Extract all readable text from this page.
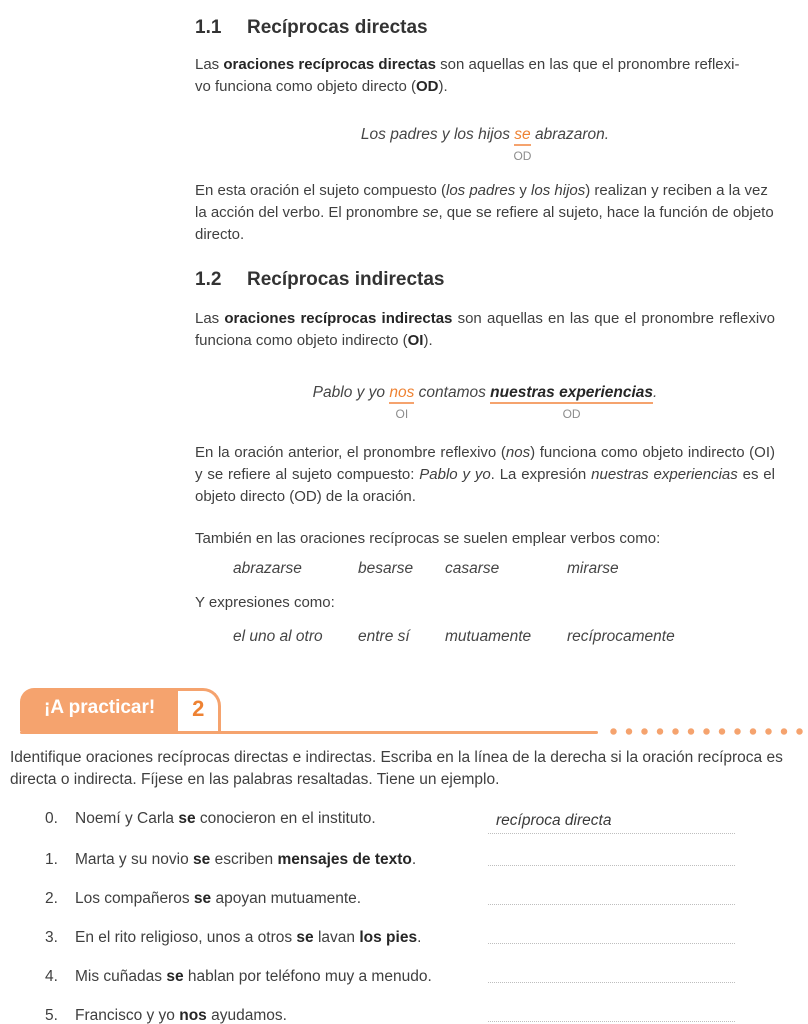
1.1 Recíprocas directas

Las oraciones recíprocas directas son aquellas en las que el pronombre reflexi-
vo funciona como objeto directo (OD).

Los padres y los hijos se
OD
abrazaron.

En esta oración el sujeto compuesto (los padres y los hijos) realizan y reciben a la vez la acción del verbo. El pronombre se, que se refiere al sujeto, hace la función de objeto directo.

1.2 Recíprocas indirectas

Las oraciones recíprocas indirectas son aquellas en las que el pronombre reflexivo funciona como objeto indirecto (OI).

Pablo y yo nos
OI
contamos nuestras experiencias
OD
.

En la oración anterior, el pronombre reflexivo (nos) funciona como objeto indirecto (OI) y se refiere al sujeto compuesto: Pablo y yo. La expresión nuestras experiencias es el objeto directo (OD) de la oración.

También en las oraciones recíprocas se suelen emplear verbos como:

abrazarse	besarse	casarse	mirarse

Y expresiones como:

el uno al otro	entre sí	mutuamente	recíprocamente
¡A practicar!	2

Identifique oraciones recíprocas directas e indirectas. Escriba en la línea de la derecha si la oración recíproca es directa o indirecta. Fíjese en las palabras resaltadas. Tiene un ejemplo.

0.	Noemí y Carla se conocieron en el instituto.	recíproca directa
1.	Marta y su novio se escriben mensajes de texto.
2.	Los compañeros se apoyan mutuamente.
3.	En el rito religioso, unos a otros se lavan los pies.
4.	Mis cuñadas se hablan por teléfono muy a menudo.
5.	Francisco y yo nos ayudamos.
